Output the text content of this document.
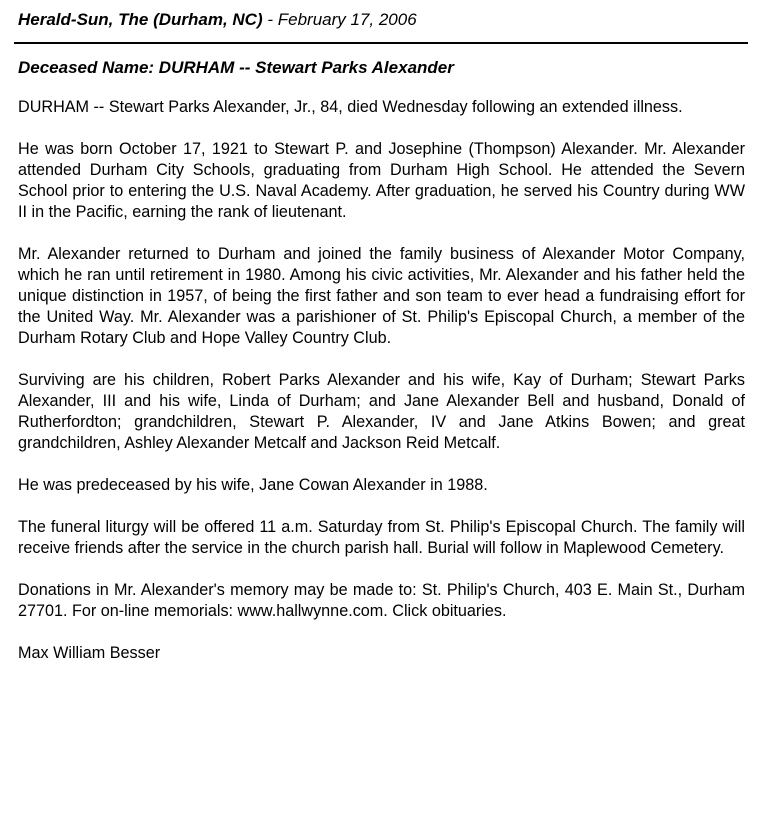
Herald-Sun, The (Durham, NC) - February 17, 2006
Deceased Name: DURHAM -- Stewart Parks Alexander

DURHAM -- Stewart Parks Alexander, Jr., 84, died Wednesday following an extended illness.

He was born October 17, 1921 to Stewart P. and Josephine (Thompson) Alexander. Mr. Alexander attended Durham City Schools, graduating from Durham High School. He attended the Severn School prior to entering the U.S. Naval Academy. After graduation, he served his Country during WW II in the Pacific, earning the rank of lieutenant.

Mr. Alexander returned to Durham and joined the family business of Alexander Motor Company, which he ran until retirement in 1980. Among his civic activities, Mr. Alexander and his father held the unique distinction in 1957, of being the first father and son team to ever head a fundraising effort for the United Way. Mr. Alexander was a parishioner of St. Philip's Episcopal Church, a member of the Durham Rotary Club and Hope Valley Country Club.

Surviving are his children, Robert Parks Alexander and his wife, Kay of Durham; Stewart Parks Alexander, III and his wife, Linda of Durham; and Jane Alexander Bell and husband, Donald of Rutherfordton; grandchildren, Stewart P. Alexander, IV and Jane Atkins Bowen; and great grandchildren, Ashley Alexander Metcalf and Jackson Reid Metcalf.

He was predeceased by his wife, Jane Cowan Alexander in 1988.

The funeral liturgy will be offered 11 a.m. Saturday from St. Philip's Episcopal Church. The family will receive friends after the service in the church parish hall. Burial will follow in Maplewood Cemetery.

Donations in Mr. Alexander's memory may be made to: St. Philip's Church, 403 E. Main St., Durham 27701. For on-line memorials: www.hallwynne.com. Click obituaries.

Max William Besser
